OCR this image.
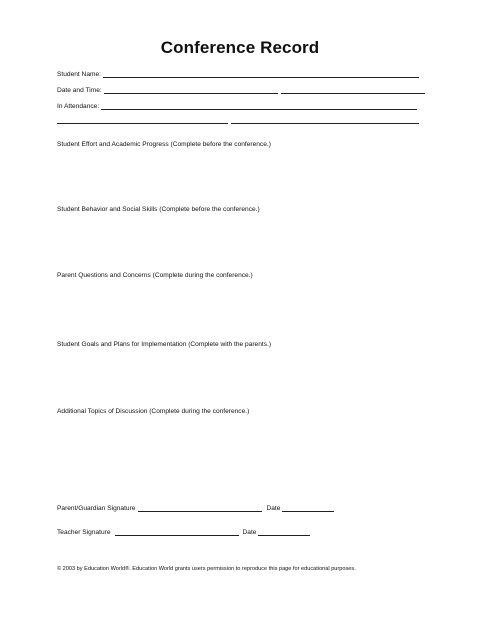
Conference Record
Student Name:
Date and Time:
In Attendance:
Student Effort and Academic Progress (Complete before the conference.)
Student Behavior and Social Skills (Complete before the conference.)
Parent Questions and Concerns (Complete during the conference.)
Student Goals and Plans for Implementation (Complete with the parents.)
Additional Topics of Discussion (Complete during the conference.)
Parent/Guardian Signature	Date
Teacher Signature	Date
© 2003 by Education World®. Education World grants users permission to reproduce this page for educational purposes.
